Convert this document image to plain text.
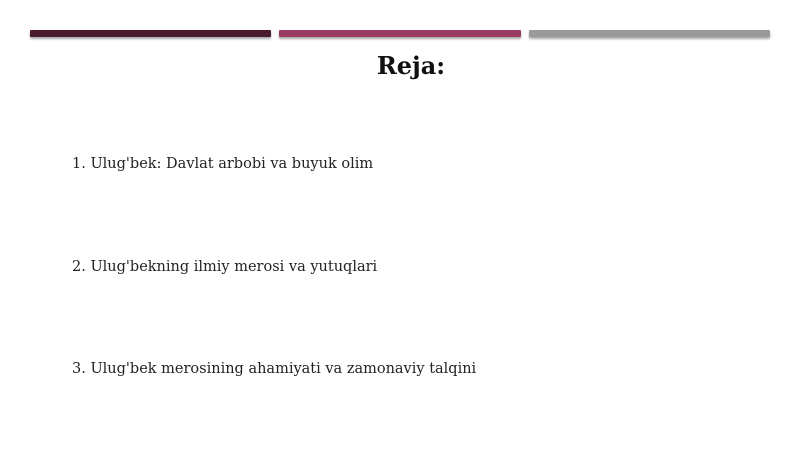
Reja:
1. Ulug'bek: Davlat arbobi va buyuk olim
2. Ulug'bekning ilmiy merosi va yutuqlari
3. Ulug'bek merosining ahamiyati va zamonaviy talqini
